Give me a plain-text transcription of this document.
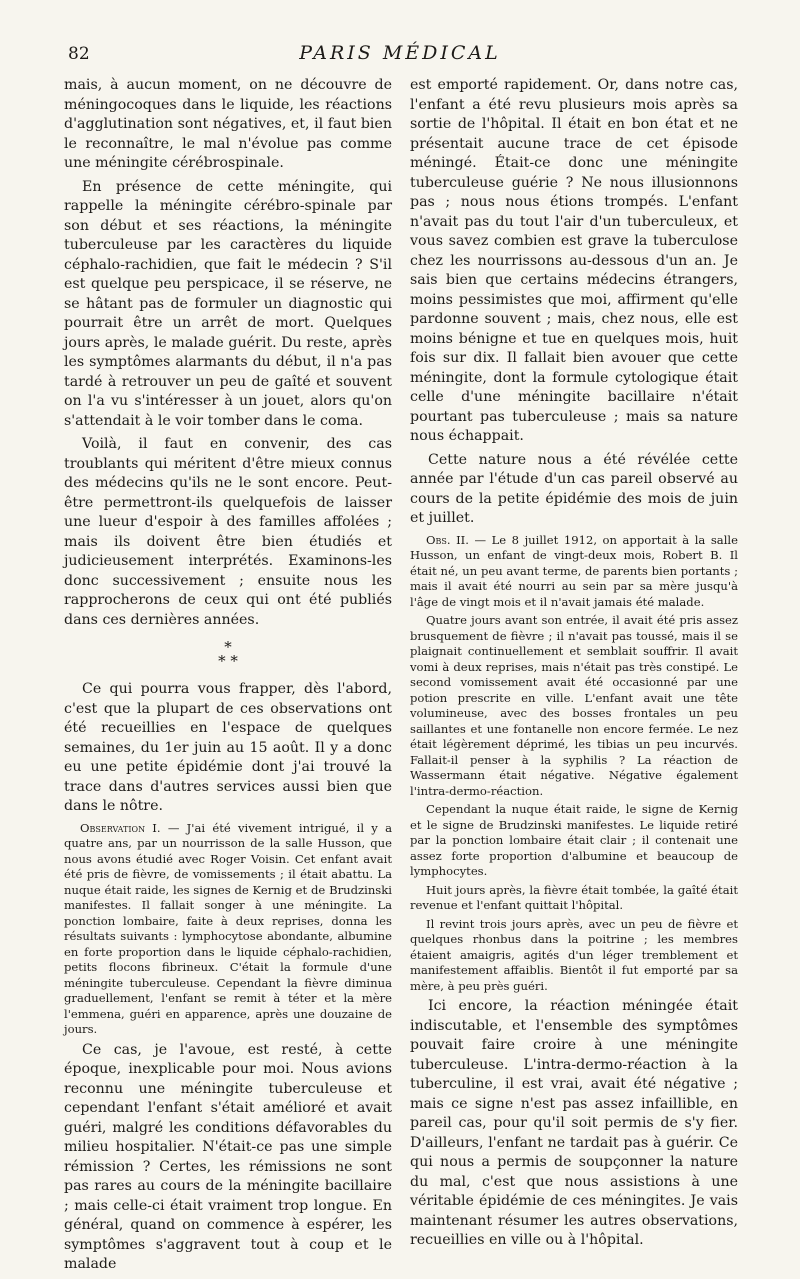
82	PARIS MÉDICAL

mais, à aucun moment, on ne découvre de méningocoques dans le liquide, les réactions d'agglutination sont négatives, et, il faut bien le reconnaître, le mal n'évolue pas comme une méningite cérébrospinale.

En présence de cette méningite, qui rappelle la méningite cérébro-spinale par son début et ses réactions, la méningite tuberculeuse par les caractères du liquide céphalo-rachidien, que fait le médecin ? S'il est quelque peu perspicace, il se réserve, ne se hâtant pas de formuler un diagnostic qui pourrait être un arrêt de mort. Quelques jours après, le malade guérit. Du reste, après les symptômes alarmants du début, il n'a pas tardé à retrouver un peu de gaîté et souvent on l'a vu s'intéresser à un jouet, alors qu'on s'attendait à le voir tomber dans le coma.

Voilà, il faut en convenir, des cas troublants qui méritent d'être mieux connus des médecins qu'ils ne le sont encore. Peut-être permettront-ils quelquefois de laisser une lueur d'espoir à des familles affolées ; mais ils doivent être bien étudiés et judicieusement interprétés. Examinons-les donc successivement ; ensuite nous les rapprocherons de ceux qui ont été publiés dans ces dernières années.

*
* *

Ce qui pourra vous frapper, dès l'abord, c'est que la plupart de ces observations ont été recueillies en l'espace de quelques semaines, du 1er juin au 15 août. Il y a donc eu une petite épidémie dont j'ai trouvé la trace dans d'autres services aussi bien que dans le nôtre.

Observation I. — J'ai été vivement intrigué, il y a quatre ans, par un nourrisson de la salle Husson, que nous avons étudié avec Roger Voisin. Cet enfant avait été pris de fièvre, de vomissements ; il était abattu. La nuque était raide, les signes de Kernig et de Brudzinski manifestes. Il fallait songer à une méningite. La ponction lombaire, faite à deux reprises, donna les résultats suivants : lymphocytose abondante, albumine en forte proportion dans le liquide céphalo-rachidien, petits flocons fibrineux. C'était la formule d'une méningite tuberculeuse. Cependant la fièvre diminua graduellement, l'enfant se remit à téter et la mère l'emmena, guéri en apparence, après une douzaine de jours.

Ce cas, je l'avoue, est resté, à cette époque, inexplicable pour moi. Nous avions reconnu une méningite tuberculeuse et cependant l'enfant s'était amélioré et avait guéri, malgré les conditions défavorables du milieu hospitalier. N'était-ce pas une simple rémission ? Certes, les rémissions ne sont pas rares au cours de la méningite bacillaire ; mais celle-ci était vraiment trop longue. En général, quand on commence à espérer, les symptômes s'aggravent tout à coup et le malade

est emporté rapidement. Or, dans notre cas, l'enfant a été revu plusieurs mois après sa sortie de l'hôpital. Il était en bon état et ne présentait aucune trace de cet épisode méningé. Était-ce donc une méningite tuberculeuse guérie ? Ne nous illusionnons pas ; nous nous étions trompés. L'enfant n'avait pas du tout l'air d'un tuberculeux, et vous savez combien est grave la tuberculose chez les nourrissons au-dessous d'un an. Je sais bien que certains médecins étrangers, moins pessimistes que moi, affirment qu'elle pardonne souvent ; mais, chez nous, elle est moins bénigne et tue en quelques mois, huit fois sur dix. Il fallait bien avouer que cette méningite, dont la formule cytologique était celle d'une méningite bacillaire n'était pourtant pas tuberculeuse ; mais sa nature nous échappait.

Cette nature nous a été révélée cette année par l'étude d'un cas pareil observé au cours de la petite épidémie des mois de juin et juillet.

Obs. II. — Le 8 juillet 1912, on apportait à la salle Husson, un enfant de vingt-deux mois, Robert B. Il était né, un peu avant terme, de parents bien portants ; mais il avait été nourri au sein par sa mère jusqu'à l'âge de vingt mois et il n'avait jamais été malade.

Quatre jours avant son entrée, il avait été pris assez brusquement de fièvre ; il n'avait pas toussé, mais il se plaignait continuellement et semblait souffrir. Il avait vomi à deux reprises, mais n'était pas très constipé. Le second vomissement avait été occasionné par une potion prescrite en ville. L'enfant avait une tête volumineuse, avec des bosses frontales un peu saillantes et une fontanelle non encore fermée. Le nez était légèrement déprimé, les tibias un peu incurvés. Fallait-il penser à la syphilis ? La réaction de Wassermann était négative. Négative également l'intra-dermo-réaction.

Cependant la nuque était raide, le signe de Kernig et le signe de Brudzinski manifestes. Le liquide retiré par la ponction lombaire était clair ; il contenait une assez forte proportion d'albumine et beaucoup de lymphocytes.

Huit jours après, la fièvre était tombée, la gaîté était revenue et l'enfant quittait l'hôpital.

Il revint trois jours après, avec un peu de fièvre et quelques rhonbus dans la poitrine ; les membres étaient amaigris, agités d'un léger tremblement et manifestement affaiblis. Bientôt il fut emporté par sa mère, à peu près guéri.

Ici encore, la réaction méningée était indiscutable, et l'ensemble des symptômes pouvait faire croire à une méningite tuberculeuse. L'intra-dermo-réaction à la tuberculine, il est vrai, avait été négative ; mais ce signe n'est pas assez infaillible, en pareil cas, pour qu'il soit permis de s'y fier. D'ailleurs, l'enfant ne tardait pas à guérir. Ce qui nous a permis de soupçonner la nature du mal, c'est que nous assistions à une véritable épidémie de ces méningites. Je vais maintenant résumer les autres observations, recueillies en ville ou à l'hôpital.
